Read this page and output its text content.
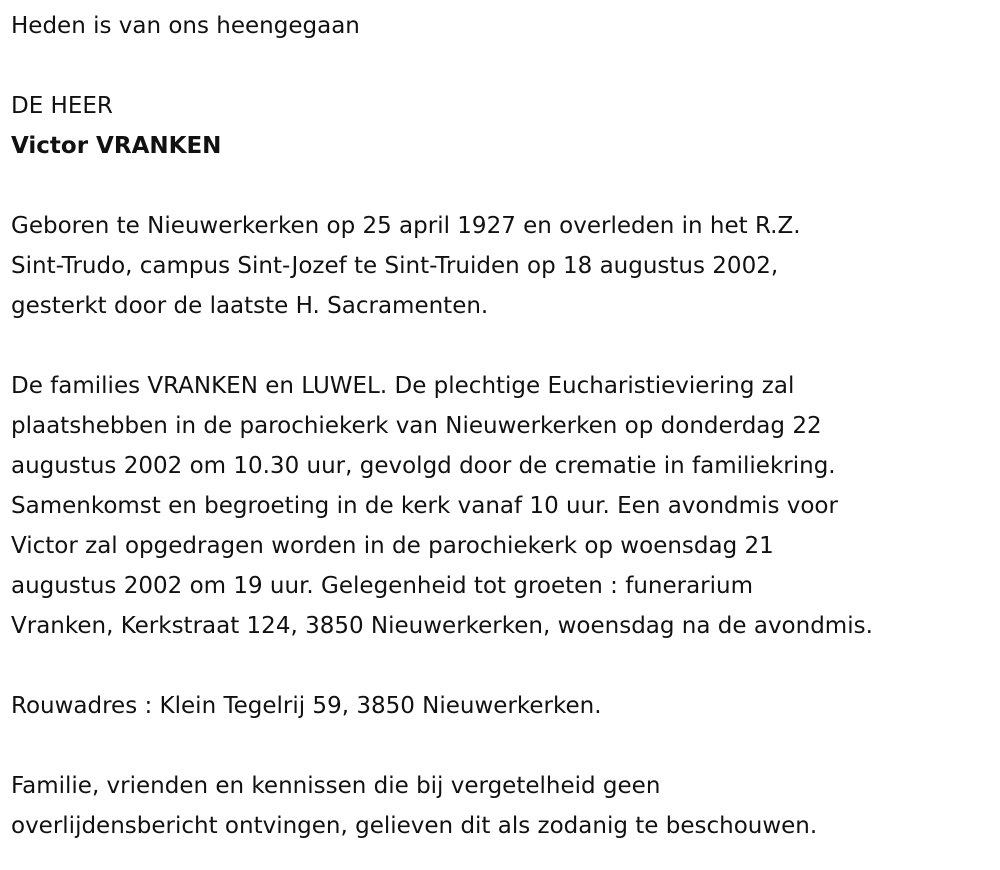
Heden is van ons heengegaan
DE HEER
Victor VRANKEN
Geboren te Nieuwerkerken op 25 april 1927 en overleden in het R.Z.
Sint-Trudo, campus Sint-Jozef te Sint-Truiden op 18 augustus 2002,
gesterkt door de laatste H. Sacramenten.
De families VRANKEN en LUWEL. De plechtige Eucharistieviering zal
plaatshebben in de parochiekerk van Nieuwerkerken op donderdag 22
augustus 2002 om 10.30 uur, gevolgd door de crematie in familiekring.
Samenkomst en begroeting in de kerk vanaf 10 uur. Een avondmis voor
Victor zal opgedragen worden in de parochiekerk op woensdag 21
augustus 2002 om 19 uur. Gelegenheid tot groeten : funerarium
Vranken, Kerkstraat 124, 3850 Nieuwerkerken, woensdag na de avondmis.
Rouwadres : Klein Tegelrij 59, 3850 Nieuwerkerken.
Familie, vrienden en kennissen die bij vergetelheid geen
overlijdensbericht ontvingen, gelieven dit als zodanig te beschouwen.
